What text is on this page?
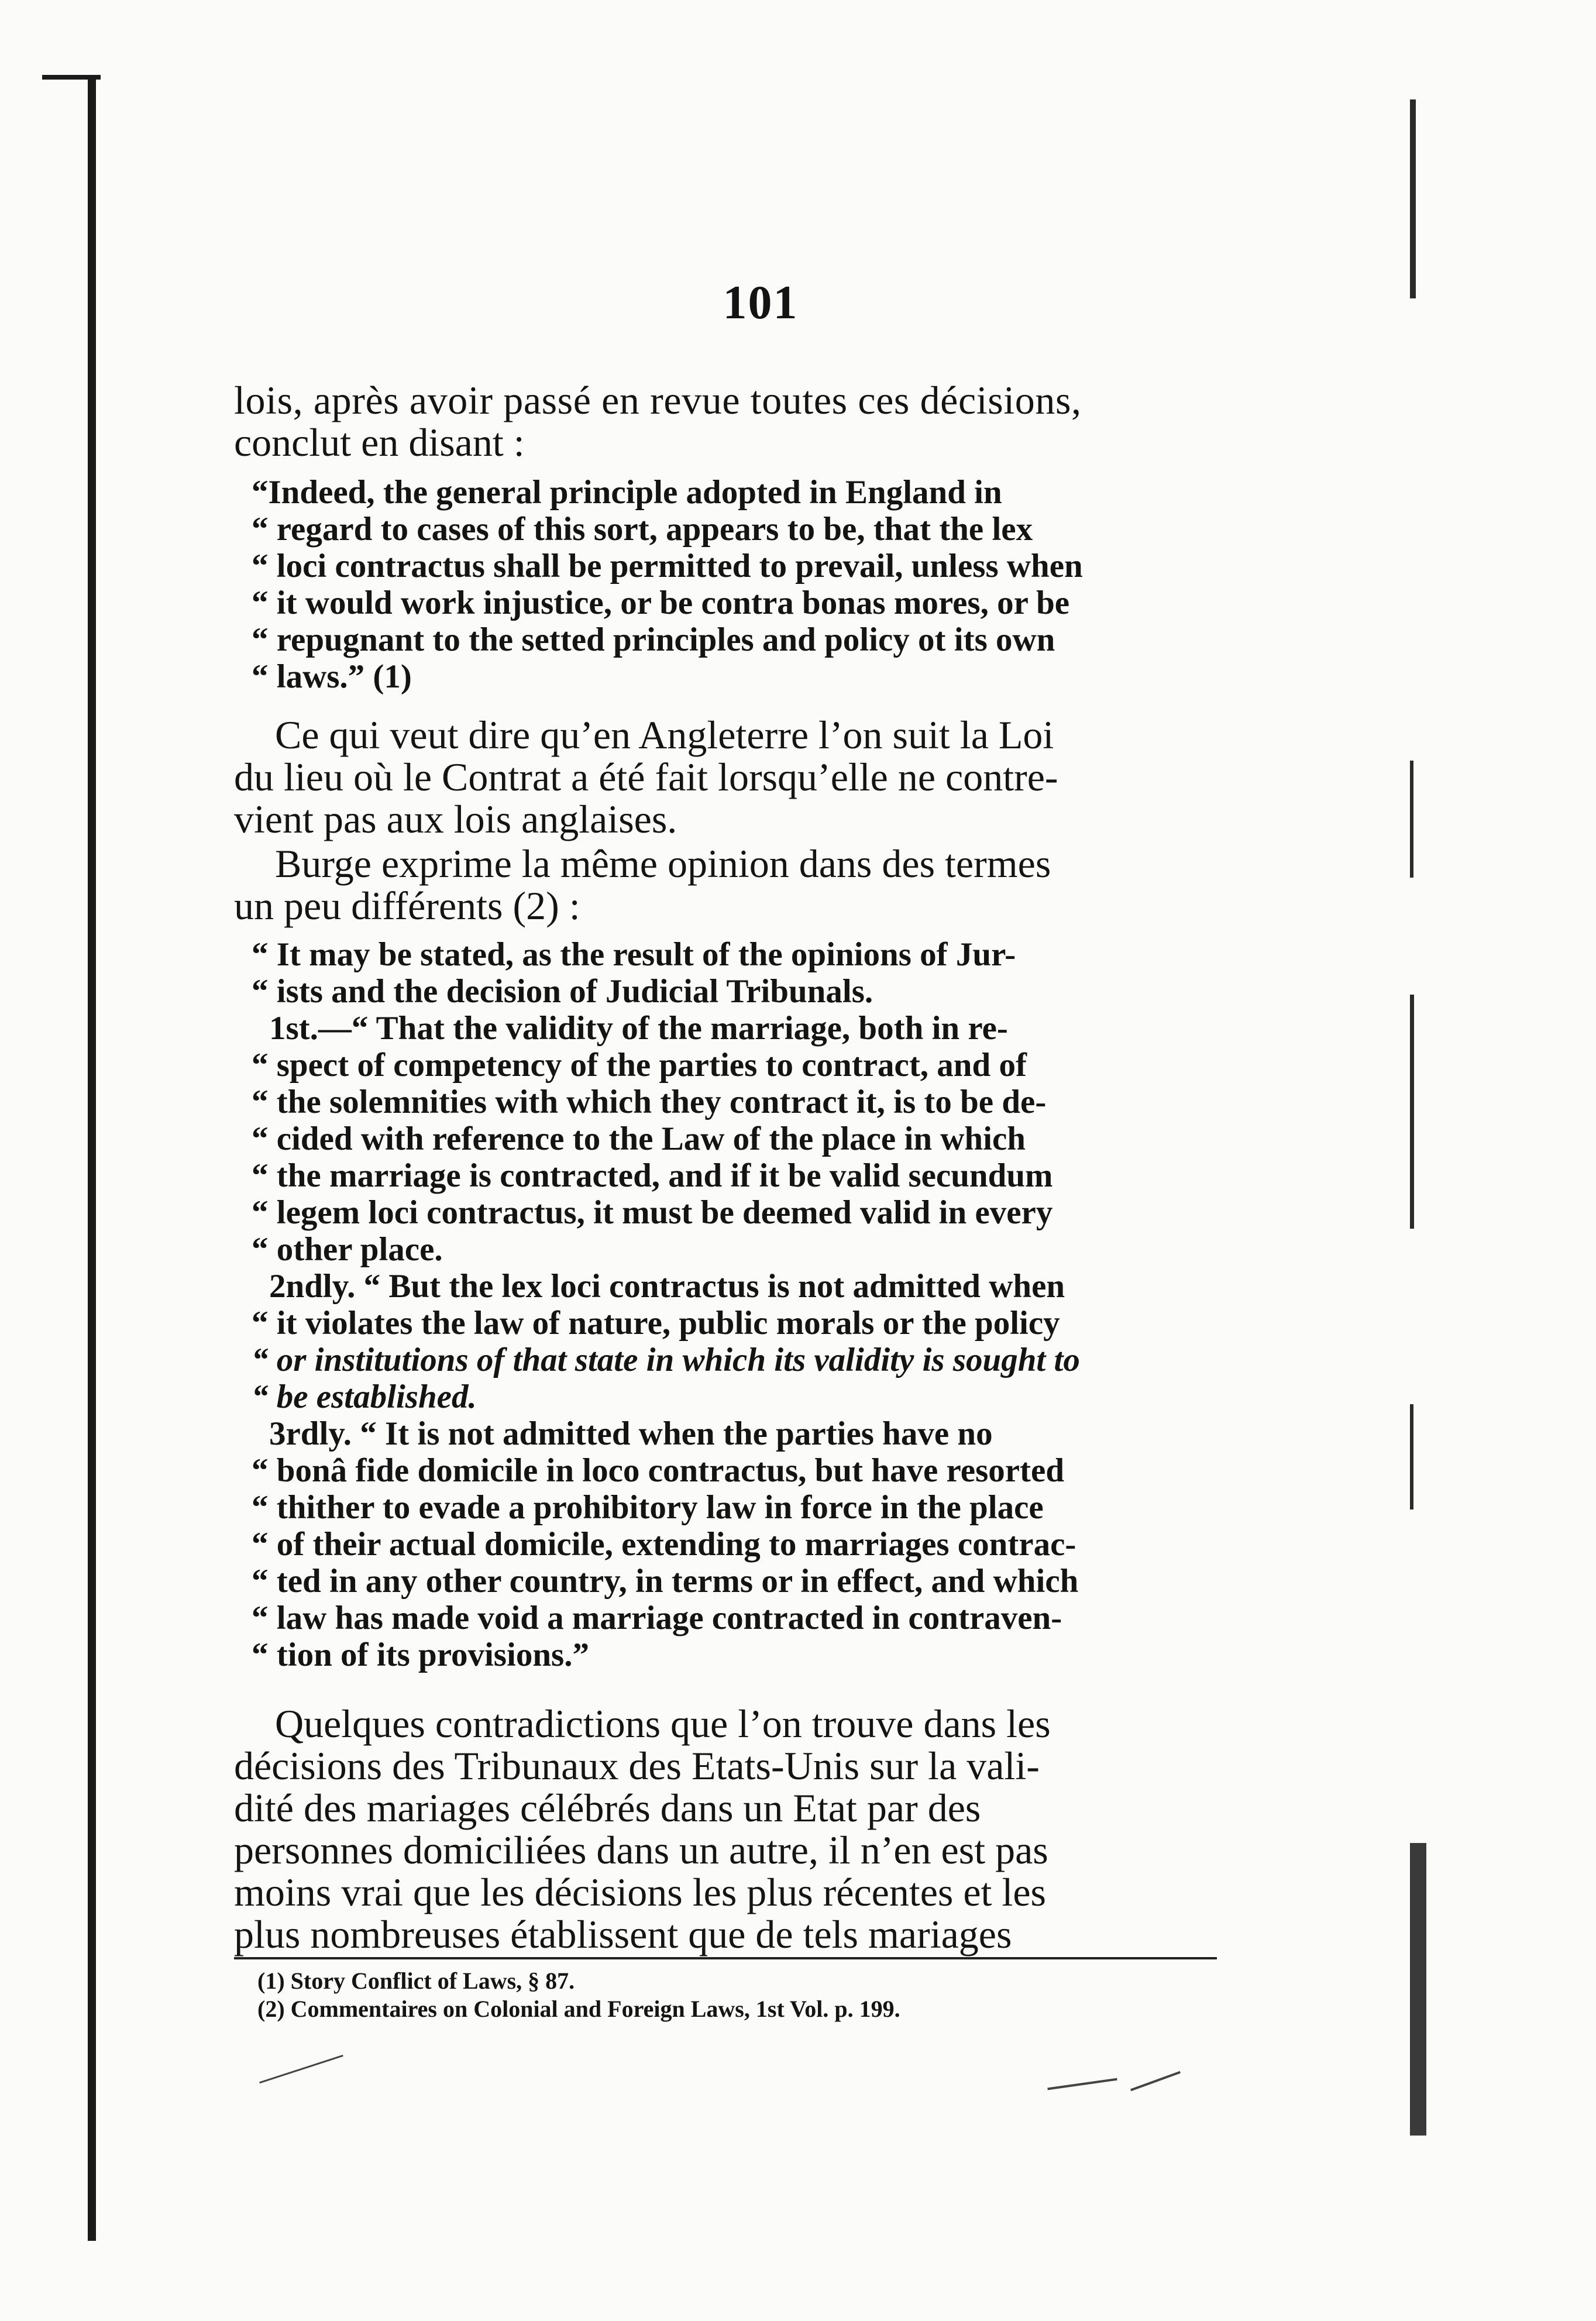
101

lois, après avoir passé en revue toutes ces décisions,
conclut en disant :

“Indeed, the general principle adopted in England in
“ regard to cases of this sort, appears to be, that the lex
“ loci contractus shall be permitted to prevail, unless when
“ it would work injustice, or be contra bonas mores, or be
“ repugnant to the setted principles and policy ot its own
“ laws.” (1)

Ce qui veut dire qu’en Angleterre l’on suit la Loi
du lieu où le Contrat a été fait lorsqu’elle ne contre-
vient pas aux lois anglaises.

Burge exprime la même opinion dans des termes
un peu différents (2) :

“ It may be stated, as the result of the opinions of Jur-
“ ists and the decision of Judicial Tribunals.
1st.—“ That the validity of the marriage, both in re-
“ spect of competency of the parties to contract, and of
“ the solemnities with which they contract it, is to be de-
“ cided with reference to the Law of the place in which
“ the marriage is contracted, and if it be valid secundum
“ legem loci contractus, it must be deemed valid in every
“ other place.
2ndly. “ But the lex loci contractus is not admitted when
“ it violates the law of nature, public morals or the policy
“ or institutions of that state in which its validity is sought to
“ be established.
3rdly. “ It is not admitted when the parties have no
“ bonâ fide domicile in loco contractus, but have resorted
“ thither to evade a prohibitory law in force in the place
“ of their actual domicile, extending to marriages contrac-
“ ted in any other country, in terms or in effect, and which
“ law has made void a marriage contracted in contraven-
“ tion of its provisions.”

Quelques contradictions que l’on trouve dans les
décisions des Tribunaux des Etats-Unis sur la vali-
dité des mariages célébrés dans un Etat par des
personnes domiciliées dans un autre, il n’en est pas
moins vrai que les décisions les plus récentes et les
plus nombreuses établissent que de tels mariages

(1) Story Conflict of Laws, § 87.
(2) Commentaires on Colonial and Foreign Laws, 1st Vol. p. 199.
